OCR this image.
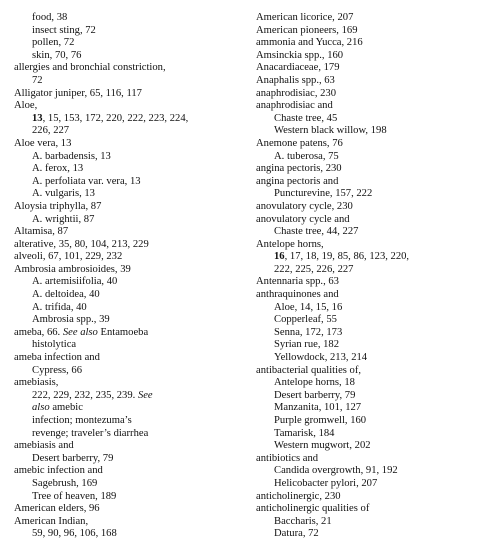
food, 38
insect sting, 72
pollen, 72
skin, 70, 76
allergies and bronchial constriction,
72
Alligator juniper, 65, 116, 117
Aloe,
13, 15, 153, 172, 220, 222, 223, 224,
226, 227
Aloe vera, 13
A. barbadensis, 13
A. ferox, 13
A. perfoliata var. vera, 13
A. vulgaris, 13
Aloysia triphylla, 87
A. wrightii, 87
Altamisa, 87
alterative, 35, 80, 104, 213, 229
alveoli, 67, 101, 229, 232
Ambrosia ambrosioides, 39
A. artemisiifolia, 40
A. deltoidea, 40
A. trifida, 40
Ambrosia spp., 39
ameba, 66. See also Entamoeba
histolytica
ameba infection and
Cypress, 66
amebiasis,
222, 229, 232, 235, 239. See
also amebic
infection; montezuma’s
revenge; traveler’s diarrhea
amebiasis and
Desert barberry, 79
amebic infection and
Sagebrush, 169
Tree of heaven, 189
American elders, 96
American Indian,
59, 90, 96, 106, 168
American licorice, 207
American pioneers, 169
ammonia and Yucca, 216
Amsinckia spp., 160
Anacardiaceae, 179
Anaphalis spp., 63
anaphrodisiac, 230
anaphrodisiac and
Chaste tree, 45
Western black willow, 198
Anemone patens, 76
A. tuberosa, 75
angina pectoris, 230
angina pectoris and
Puncturevine, 157, 222
anovulatory cycle, 230
anovulatory cycle and
Chaste tree, 44, 227
Antelope horns,
16, 17, 18, 19, 85, 86, 123, 220,
222, 225, 226, 227
Antennaria spp., 63
anthraquinones and
Aloe, 14, 15, 16
Copperleaf, 55
Senna, 172, 173
Syrian rue, 182
Yellowdock, 213, 214
antibacterial qualities of,
Antelope horns, 18
Desert barberry, 79
Manzanita, 101, 127
Purple gromwell, 160
Tamarisk, 184
Western mugwort, 202
antibiotics and
Candida overgrowth, 91, 192
Helicobacter pylori, 207
anticholinergic, 230
anticholinergic qualities of
Baccharis, 21
Datura, 72
